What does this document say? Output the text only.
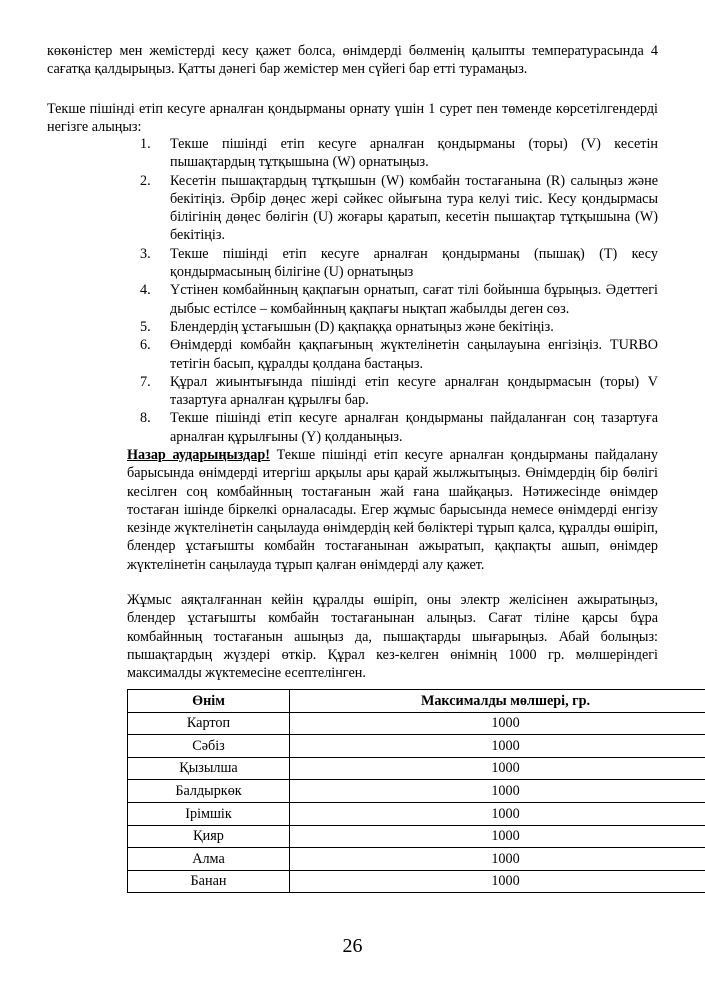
көкөністер мен жемістерді кесу қажет болса, өнімдерді бөлменің қалыпты температурасында 4 сағатқа қалдырыңыз. Қатты дәнегі бар жемістер мен сүйегі бар етті турамаңыз.

Текше пішінді етіп кесуге арналған қондырманы орнату үшін 1 сурет пен төменде көрсетілгендерді негізге алыңыз:

1. Текше пішінді етіп кесуге арналған қондырманы (торы) (V) кесетін пышақтардың тұтқышына (W) орнатыңыз.
2. Кесетін пышақтардың тұтқышын (W) комбайн тостағанына (R) салыңыз және бекітіңіз. Әрбір дөңес жері сәйкес ойығына тура келуі тиіс. Кесу қондырмасы білігінің дөңес бөлігін (U) жоғары қаратып, кесетін пышақтар тұтқышына (W) бекітіңіз.
3. Текше пішінді етіп кесуге арналған қондырманы (пышақ) (T) кесу қондырмасының білігіне (U) орнатыңыз
4. Үстінен комбайнның қақпағын орнатып, сағат тілі бойынша бұрыңыз. Әдеттегі дыбыс естілсе – комбайнның қақпағы нықтап жабылды деген сөз.
5. Блендердің ұстағышын (D) қақпаққа орнатыңыз және бекітіңіз.
6. Өнімдерді комбайн қақпағының жүктелінетін саңылауына енгізіңіз. TURBO тетігін басып, құралды қолдана бастаңыз.
7. Құрал жиынтығында пішінді етіп кесуге арналған қондырмасын (торы) V тазартуға арналған құрылғы бар.
8. Текше пішінді етіп кесуге арналған қондырманы пайдаланған соң тазартуға арналған құрылғыны (Y) қолданыңыз.

Назар аударыңыздар! Текше пішінді етіп кесуге арналған қондырманы пайдалану барысында өнімдерді итергіш арқылы ары қарай жылжытыңыз. Өнімдердің бір бөлігі кесілген соң комбайнның тостағанын жай ғана шайқаңыз. Нәтижесінде өнімдер тостаған ішінде біркелкі орналасады. Егер жұмыс барысында немесе өнімдерді енгізу кезінде жүктелінетін саңылауда өнімдердің кей бөліктері тұрып қалса, құралды өшіріп, блендер ұстағышты комбайн тостағанынан ажыратып, қақпақты ашып, өнімдер жүктелінетін саңылауда тұрып қалған өнімдерді алу қажет.

Жұмыс аяқталғаннан кейін құралды өшіріп, оны электр желісінен ажыратыңыз, блендер ұстағышты комбайн тостағанынан алыңыз. Сағат тіліне қарсы бұра комбайнның тостағанын ашыңыз да, пышақтарды шығарыңыз. Абай болыңыз: пышақтардың жүздері өткір. Құрал кез-келген өнімнің 1000 гр. мөлшеріндегі максималды жүктемесіне есептелінген.

Өнім	Максималды мөлшері, гр.
Картоп	1000
Сәбіз	1000
Қызылша	1000
Балдыркөк	1000
Ірімшік	1000
Қияр	1000
Алма	1000
Банан	1000
26
